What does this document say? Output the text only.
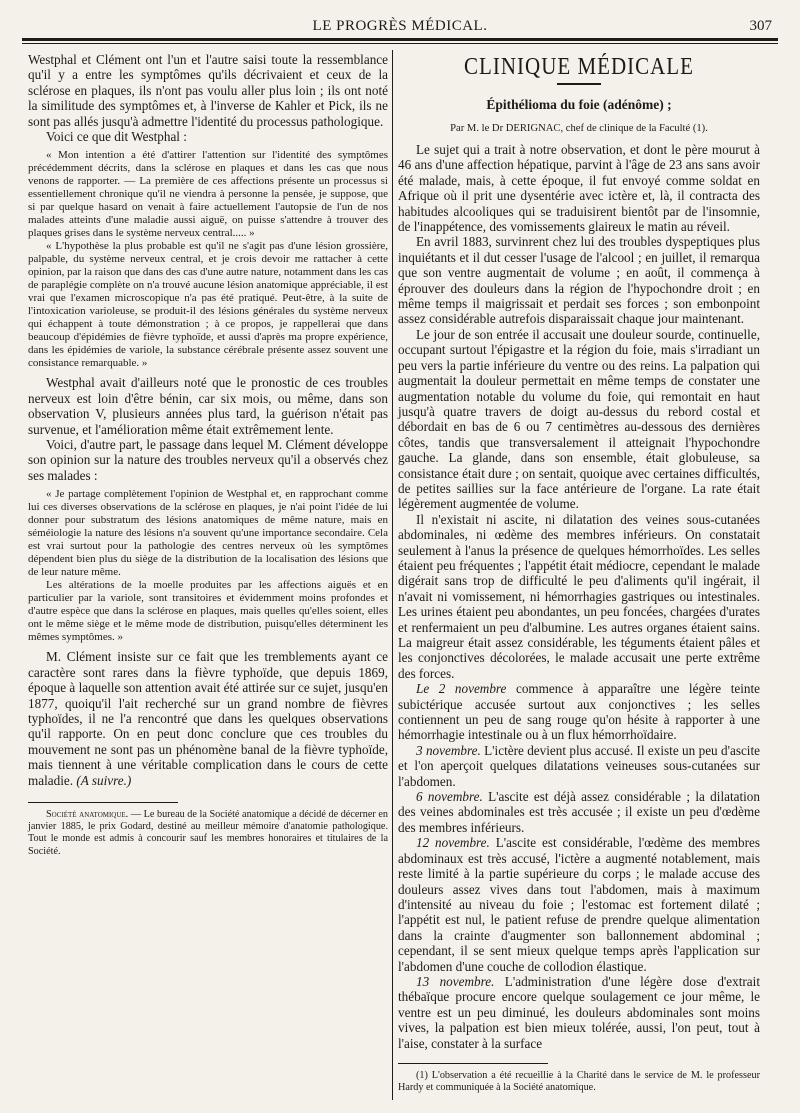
LE PROGRÈS MÉDICAL.	307

Westphal et Clément ont l'un et l'autre saisi toute la ressemblance qu'il y a entre les symptômes qu'ils décrivaient et ceux de la sclérose en plaques, ils n'ont pas voulu aller plus loin ; ils ont noté la similitude des symptômes et, à l'inverse de Kahler et Pick, ils ne sont pas allés jusqu'à admettre l'identité du processus pathologique.

Voici ce que dit Westphal :

« Mon intention a été d'attirer l'attention sur l'identité des symptômes précédemment décrits, dans la sclérose en plaques et dans les cas que nous venons de rapporter. — La première de ces affections présente un processus si essentiellement chronique qu'il ne viendra à personne la pensée, je suppose, que si par quelque hasard on venait à faire actuellement l'autopsie de l'un de nos malades atteints d'une maladie aussi aiguë, on puisse s'attendre à trouver des plaques grises dans le système nerveux central..... »

« L'hypothèse la plus probable est qu'il ne s'agit pas d'une lésion grossière, palpable, du système nerveux central, et je crois devoir me rattacher à cette opinion, par la raison que dans des cas d'une autre nature, notamment dans les cas de paraplégie complète on n'a trouvé aucune lésion anatomique appréciable, il est vrai que l'examen microscopique n'a pas été pratiqué. Peut-être, à la suite de l'intoxication varioleuse, se produit-il des lésions générales du système nerveux qui échappent à toute démonstration ; à ce propos, je rappellerai que dans beaucoup d'épidémies de fièvre typhoïde, et aussi d'après ma propre expérience, dans les épidémies de variole, la substance cérébrale présente assez souvent une consistance remarquable. »

Westphal avait d'ailleurs noté que le pronostic de ces troubles nerveux est loin d'être bénin, car six mois, ou même, dans son observation V, plusieurs années plus tard, la guérison n'était pas survenue, et l'amélioration même était extrêmement lente.

Voici, d'autre part, le passage dans lequel M. Clément développe son opinion sur la nature des troubles nerveux qu'il a observés chez ses malades :

« Je partage complètement l'opinion de Westphal et, en rapprochant comme lui ces diverses observations de la sclérose en plaques, je n'ai point l'idée de lui donner pour substratum des lésions anatomiques de même nature, mais en séméiologie la nature des lésions n'a souvent qu'une importance secondaire. Cela est vrai surtout pour la pathologie des centres nerveux où les symptômes dépendent bien plus du siège de la distribution de la localisation des lésions que de leur nature même.

Les altérations de la moelle produites par les affections aiguës et en particulier par la variole, sont transitoires et évidemment moins profondes et d'autre espèce que dans la sclérose en plaques, mais quelles qu'elles soient, elles ont le même siège et le même mode de distribution, puisqu'elles déterminent les mêmes symptômes. »

M. Clément insiste sur ce fait que les tremblements ayant ce caractère sont rares dans la fièvre typhoïde, que depuis 1869, époque à laquelle son attention avait été attirée sur ce sujet, jusqu'en 1877, quoiqu'il l'ait recherché sur un grand nombre de fièvres typhoïdes, il ne l'a rencontré que dans les quelques observations qu'il rapporte. On en peut donc conclure que ces troubles du mouvement ne sont pas un phénomène banal de la fièvre typhoïde, mais tiennent à une véritable complication dans le cours de cette maladie. (A suivre.)

Société anatomique. — Le bureau de la Société anatomique a décidé de décerner en janvier 1885, le prix Godard, destiné au meilleur mémoire d'anatomie pathologique. Tout le monde est admis à concourir sauf les membres honoraires et titulaires de la Société.

CLINIQUE MÉDICALE
Épithélioma du foie (adénôme) ;
Par M. le Dr DERIGNAC, chef de clinique de la Faculté (1).

Le sujet qui a trait à notre observation, et dont le père mourut à 46 ans d'une affection hépatique, parvint à l'âge de 23 ans sans avoir été malade, mais, à cette époque, il fut envoyé comme soldat en Afrique où il prit une dysentérie avec ictère et, là, il contracta des habitudes alcooliques qui se traduisirent bientôt par de l'insomnie, de l'inappétence, des vomissements glaireux le matin au réveil.

En avril 1883, survinrent chez lui des troubles dyspeptiques plus inquiétants et il dut cesser l'usage de l'alcool ; en juillet, il remarqua que son ventre augmentait de volume ; en août, il commença à éprouver des douleurs dans la région de l'hypochondre droit ; en même temps il maigrissait et perdait ses forces ; son embonpoint assez considérable autrefois disparaissait chaque jour maintenant.

Le jour de son entrée il accusait une douleur sourde, continuelle, occupant surtout l'épigastre et la région du foie, mais s'irradiant un peu vers la partie inférieure du ventre ou des reins. La palpation qui augmentait la douleur permettait en même temps de constater une augmentation notable du volume du foie, qui remontait en haut jusqu'à quatre travers de doigt au-dessus du rebord costal et débordait en bas de 6 ou 7 centimètres au-dessous des dernières côtes, tandis que transversalement il atteignait l'hypochondre gauche. La glande, dans son ensemble, était globuleuse, sa consistance était dure ; on sentait, quoique avec certaines difficultés, de petites saillies sur la face antérieure de l'organe. La rate était légèrement augmentée de volume.

Il n'existait ni ascite, ni dilatation des veines sous-cutanées abdominales, ni œdème des membres inférieurs. On constatait seulement à l'anus la présence de quelques hémorrhoïdes. Les selles étaient peu fréquentes ; l'appétit était médiocre, cependant le malade digérait sans trop de difficulté le peu d'aliments qu'il ingérait, il n'avait ni vomissement, ni hémorrhagies gastriques ou intestinales. Les urines étaient peu abondantes, un peu foncées, chargées d'urates et renfermaient un peu d'albumine. Les autres organes étaient sains. La maigreur était assez considérable, les téguments étaient pâles et les conjonctives décolorées, le malade accusait une perte extrême des forces.

Le 2 novembre commence à apparaître une légère teinte subictérique accusée surtout aux conjonctives ; les selles contiennent un peu de sang rouge qu'on hésite à rapporter à une hémorrhagie intestinale ou à un flux hémorrhoïdaire.

3 novembre. L'ictère devient plus accusé. Il existe un peu d'ascite et l'on aperçoit quelques dilatations veineuses sous-cutanées sur l'abdomen.

6 novembre. L'ascite est déjà assez considérable ; la dilatation des veines abdominales est très accusée ; il existe un peu d'œdème des membres inférieurs.

12 novembre. L'ascite est considérable, l'œdème des membres abdominaux est très accusé, l'ictère a augmenté notablement, mais reste limité à la partie supérieure du corps ; le malade accuse des douleurs assez vives dans tout l'abdomen, mais à maximum d'intensité au niveau du foie ; l'estomac est fortement dilaté ; l'appétit est nul, le patient refuse de prendre quelque alimentation dans la crainte d'augmenter son ballonnement abdominal ; cependant, il se sent mieux quelque temps après l'application sur l'abdomen d'une couche de collodion élastique.

13 novembre. L'administration d'une légère dose d'extrait thébaïque procure encore quelque soulagement ce jour même, le ventre est un peu diminué, les douleurs abdominales sont moins vives, la palpation est bien mieux tolérée, aussi, l'on peut, tout à l'aise, constater à la surface

(1) L'observation a été recueillie à la Charité dans le service de M. le professeur Hardy et communiquée à la Société anatomique.
